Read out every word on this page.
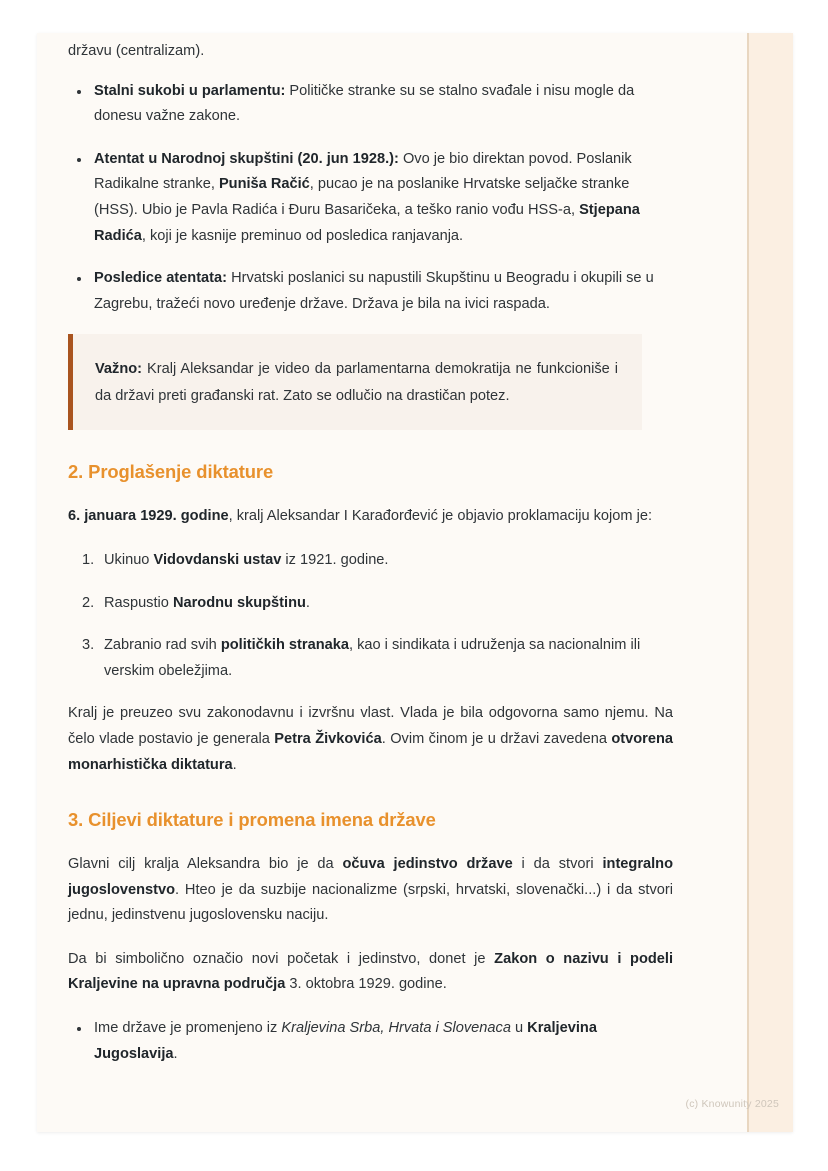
državu (centralizam).

Stalni sukobi u parlamentu: Političke stranke su se stalno svađale i nisu mogle da donesu važne zakone.
Atentat u Narodnoj skupštini (20. jun 1928.): Ovo je bio direktan povod. Poslanik Radikalne stranke, Puniša Račić, pucao je na poslanike Hrvatske seljačke stranke (HSS). Ubio je Pavla Radića i Đuru Basaričeka, a teško ranio vođu HSS-a, Stjepana Radića, koji je kasnije preminuo od posledica ranjavanja.
Posledice atentata: Hrvatski poslanici su napustili Skupštinu u Beogradu i okupili se u Zagrebu, tražeći novo uređenje države. Država je bila na ivici raspada.

Važno: Kralj Aleksandar je video da parlamentarna demokratija ne funkcioniše i da državi preti građanski rat. Zato se odlučio na drastičan potez.

2. Proglašenje diktature

6. januara 1929. godine, kralj Aleksandar I Karađorđević je objavio proklamaciju kojom je:

Ukinuo Vidovdanski ustav iz 1921. godine.
Raspustio Narodnu skupštinu.
Zabranio rad svih političkih stranaka, kao i sindikata i udruženja sa nacionalnim ili verskim obeležjima.

Kralj je preuzeo svu zakonodavnu i izvršnu vlast. Vlada je bila odgovorna samo njemu. Na čelo vlade postavio je generala Petra Živkovića. Ovim činom je u državi zavedena otvorena monarhistička diktatura.

3. Ciljevi diktature i promena imena države

Glavni cilj kralja Aleksandra bio je da očuva jedinstvo države i da stvori integralno jugoslovenstvo. Hteo je da suzbije nacionalizme (srpski, hrvatski, slovenački...) i da stvori jednu, jedinstvenu jugoslovensku naciju.

Da bi simbolično označio novi početak i jedinstvo, donet je Zakon o nazivu i podeli Kraljevine na upravna područja 3. oktobra 1929. godine.

Ime države je promenjeno iz Kraljevina Srba, Hrvata i Slovenaca u Kraljevina Jugoslavija.
(c) Knowunity 2025
